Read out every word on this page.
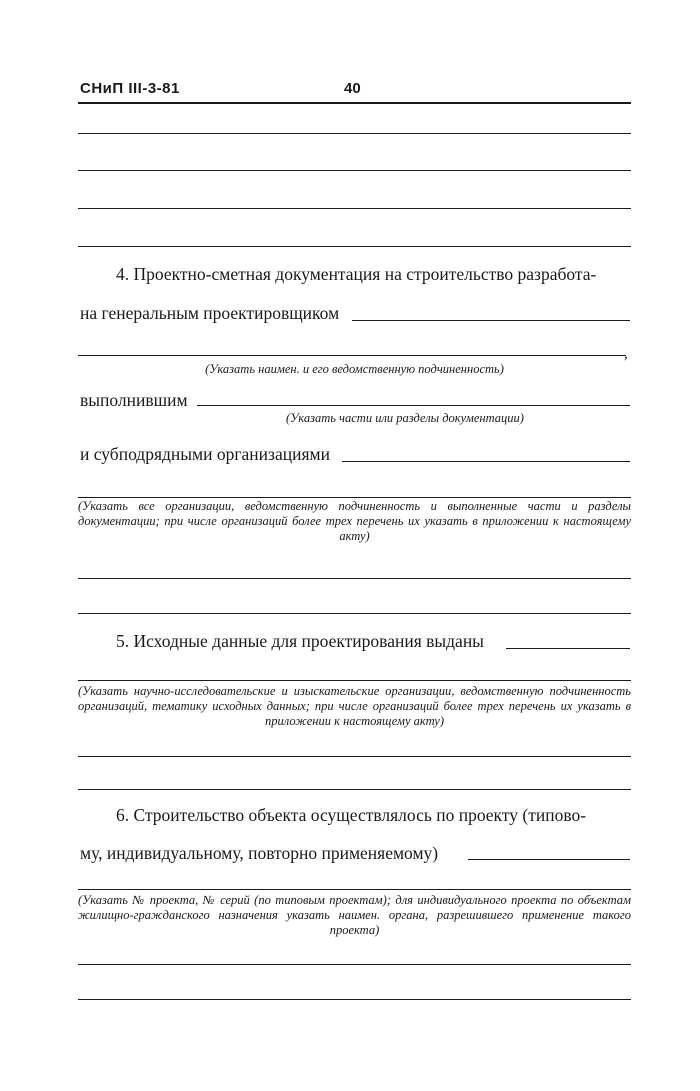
СНиП III-3-81	40
4. Проектно-сметная документация на строительство разработа-
на генеральным проектировщиком
,
(Указать наимен. и его ведомственную подчиненность)
выполнившим
(Указать части или разделы документации)
и субподрядными организациями
(Указать все организации, ведомственную подчиненность и выполненные части и разделы документации; при числе организаций более трех перечень их указать в приложении к настоящему акту)
5. Исходные данные для проектирования выданы
(Указать научно-исследовательские и изыскательские организации, ведомственную подчиненность организаций, тематику исходных данных; при числе организаций более трех перечень их указать в приложении к настоящему акту)
6. Строительство объекта осуществлялось по проекту (типово-
му, индивидуальному, повторно применяемому)
(Указать № проекта, № серий (по типовым проектам); для индивидуального проекта по объектам жилищно-гражданского назначения указать наимен. органа, разрешившего применение такого проекта)
